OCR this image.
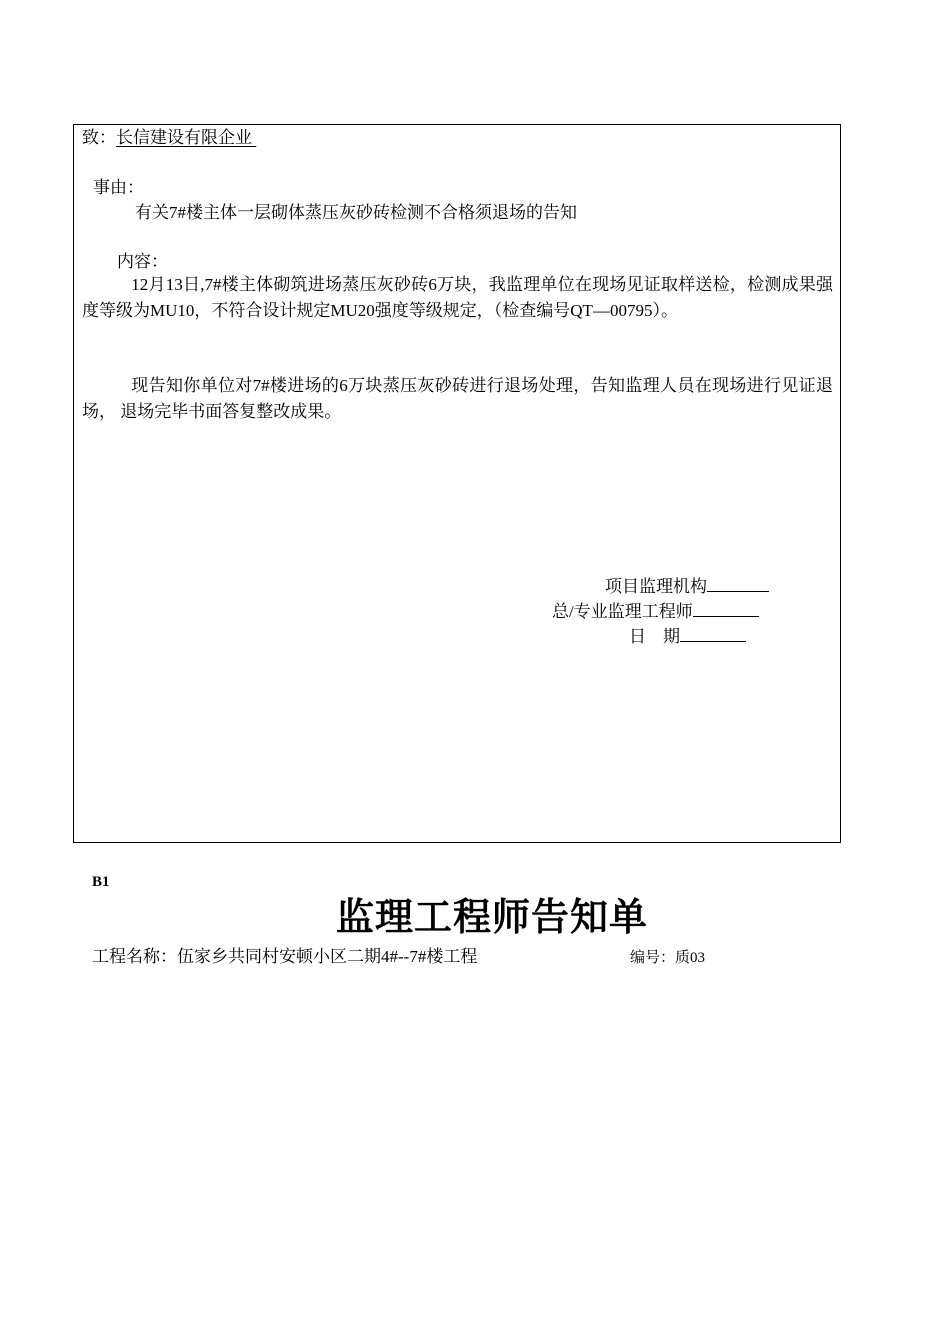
致：长信建设有限企业
事由：
有关7#楼主体一层砌体蒸压灰砂砖检测不合格须退场的告知
内容：
12月13日,7#楼主体砌筑进场蒸压灰砂砖6万块，我监理单位在现场见证取样送检，检测成果强度等级为MU10，不符合设计规定MU20强度等级规定，（检查编号QT—00795）。
现告知你单位对7#楼进场的6万块蒸压灰砂砖进行退场处理，告知监理人员在现场进行见证退场， 退场完毕书面答复整改成果。
项目监理机构
总/专业监理工程师
日　期
B1
监理工程师告知单
工程名称：伍家乡共同村安顿小区二期4#--7#楼工程	编号：质03
